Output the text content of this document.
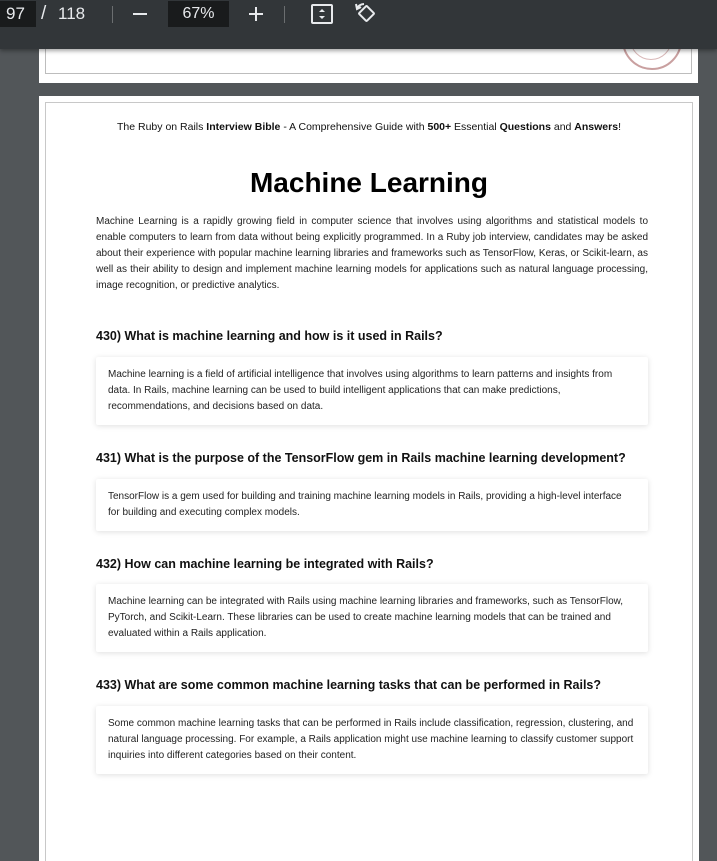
97 / 118	67%
The Ruby on Rails Interview Bible - A Comprehensive Guide with 500+ Essential Questions and Answers!
Machine Learning

Machine Learning is a rapidly growing field in computer science that involves using algorithms and statistical models to enable computers to learn from data without being explicitly programmed. In a Ruby job interview, candidates may be asked about their experience with popular machine learning libraries and frameworks such as TensorFlow, Keras, or Scikit-learn, as well as their ability to design and implement machine learning models for applications such as natural language processing, image recognition, or predictive analytics.

430) What is machine learning and how is it used in Rails?

Machine learning is a field of artificial intelligence that involves using algorithms to learn patterns and insights from data. In Rails, machine learning can be used to build intelligent applications that can make predictions, recommendations, and decisions based on data.

431) What is the purpose of the TensorFlow gem in Rails machine learning development?

TensorFlow is a gem used for building and training machine learning models in Rails, providing a high-level interface for building and executing complex models.

432) How can machine learning be integrated with Rails?

Machine learning can be integrated with Rails using machine learning libraries and frameworks, such as TensorFlow, PyTorch, and Scikit-Learn. These libraries can be used to create machine learning models that can be trained and evaluated within a Rails application.

433) What are some common machine learning tasks that can be performed in Rails?

Some common machine learning tasks that can be performed in Rails include classification, regression, clustering, and natural language processing. For example, a Rails application might use machine learning to classify customer support inquiries into different categories based on their content.
